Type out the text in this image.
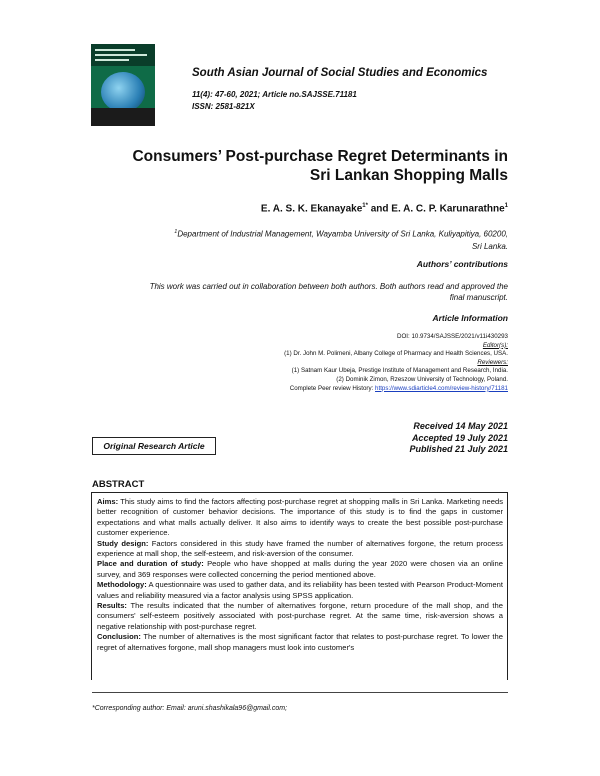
South Asian Journal of Social Studies and Economics
11(4): 47-60, 2021; Article no.SAJSSE.71181
ISSN: 2581-821X
Consumers’ Post-purchase Regret Determinants in
Sri Lankan Shopping Malls
E. A. S. K. Ekanayake$^{1*}$ and E. A. C. P. Karunarathne$^1$
$^1$Department of Industrial Management, Wayamba University of Sri Lanka, Kuliyapitiya, 60200,
Sri Lanka.
Authors’ contributions
This work was carried out in collaboration between both authors. Both authors read and approved the
final manuscript.
Article Information
DOI: 10.9734/SAJSSE/2021/v11i430293
Editor(s):
(1) Dr. John M. Polimeni, Albany College of Pharmacy and Health Sciences, USA.
Reviewers:
(1) Satnam Kaur Ubeja, Prestige Institute of Management and Research, India.
(2) Dominik Zimon, Rzeszow University of Technology, Poland.
Complete Peer review History: https://www.sdiarticle4.com/review-history/71181
Original Research Article
Received 14 May 2021
Accepted 19 July 2021
Published 21 July 2021
ABSTRACT

Aims: This study aims to find the factors affecting post-purchase regret at shopping malls in Sri Lanka. Marketing needs better recognition of customer behavior decisions. The importance of this study is to find the gaps in customer expectations and what malls actually deliver. It also aims to identify ways to create the best possible post-purchase customer experience.

Study design: Factors considered in this study have framed the number of alternatives forgone, the return process experience at mall shop, the self-esteem, and risk-aversion of the consumer.

Place and duration of study: People who have shopped at malls during the year 2020 were chosen via an online survey, and 369 responses were collected concerning the period mentioned above.

Methodology: A questionnaire was used to gather data, and its reliability has been tested with Pearson Product-Moment values and reliability measured via a factor analysis using SPSS application.

Results: The results indicated that the number of alternatives forgone, return procedure of the mall shop, and the consumers' self-esteem positively associated with post-purchase regret. At the same time, risk-aversion shows a negative relationship with post-purchase regret.

Conclusion: The number of alternatives is the most significant factor that relates to post-purchase regret. To lower the regret of alternatives forgone, mall shop managers must look into customer's

*Corresponding author: Email: aruni.shashikala96@gmail.com;
